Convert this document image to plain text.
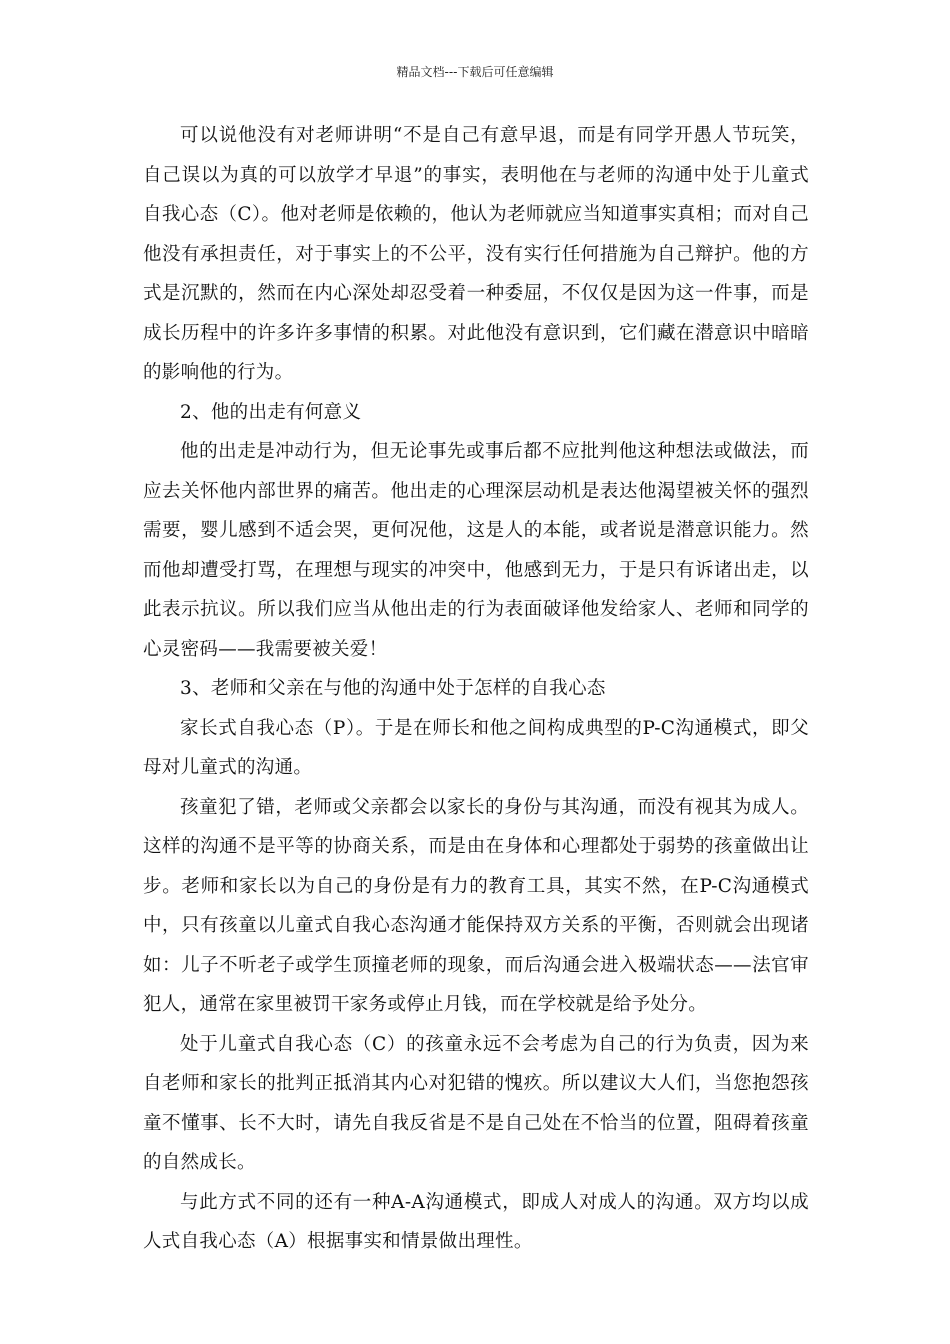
精品文档---下载后可任意编辑

可以说他没有对老师讲明“不是自己有意早退，而是有同学开愚人节玩笑，自己误以为真的可以放学才早退”的事实，表明他在与老师的沟通中处于儿童式自我心态（C）。他对老师是依赖的，他认为老师就应当知道事实真相；而对自己他没有承担责任，对于事实上的不公平，没有实行任何措施为自己辩护。他的方式是沉默的，然而在内心深处却忍受着一种委屈，不仅仅是因为这一件事，而是成长历程中的许多许多事情的积累。对此他没有意识到，它们藏在潜意识中暗暗的影响他的行为。

2、他的出走有何意义

他的出走是冲动行为，但无论事先或事后都不应批判他这种想法或做法，而应去关怀他内部世界的痛苦。他出走的心理深层动机是表达他渴望被关怀的强烈需要，婴儿感到不适会哭，更何况他，这是人的本能，或者说是潜意识能力。然而他却遭受打骂，在理想与现实的冲突中，他感到无力，于是只有诉诸出走，以此表示抗议。所以我们应当从他出走的行为表面破译他发给家人、老师和同学的心灵密码——我需要被关爱！

3、老师和父亲在与他的沟通中处于怎样的自我心态

家长式自我心态（P）。于是在师长和他之间构成典型的P-C沟通模式，即父母对儿童式的沟通。

孩童犯了错，老师或父亲都会以家长的身份与其沟通，而没有视其为成人。这样的沟通不是平等的协商关系，而是由在身体和心理都处于弱势的孩童做出让步。老师和家长以为自己的身份是有力的教育工具，其实不然，在P-C沟通模式中，只有孩童以儿童式自我心态沟通才能保持双方关系的平衡，否则就会出现诸如：儿子不听老子或学生顶撞老师的现象，而后沟通会进入极端状态——法官审犯人，通常在家里被罚干家务或停止月钱，而在学校就是给予处分。

处于儿童式自我心态（C）的孩童永远不会考虑为自己的行为负责，因为来自老师和家长的批判正抵消其内心对犯错的愧疚。所以建议大人们，当您抱怨孩童不懂事、长不大时，请先自我反省是不是自己处在不恰当的位置，阻碍着孩童的自然成长。

与此方式不同的还有一种A-A沟通模式，即成人对成人的沟通。双方均以成人式自我心态（A）根据事实和情景做出理性。
